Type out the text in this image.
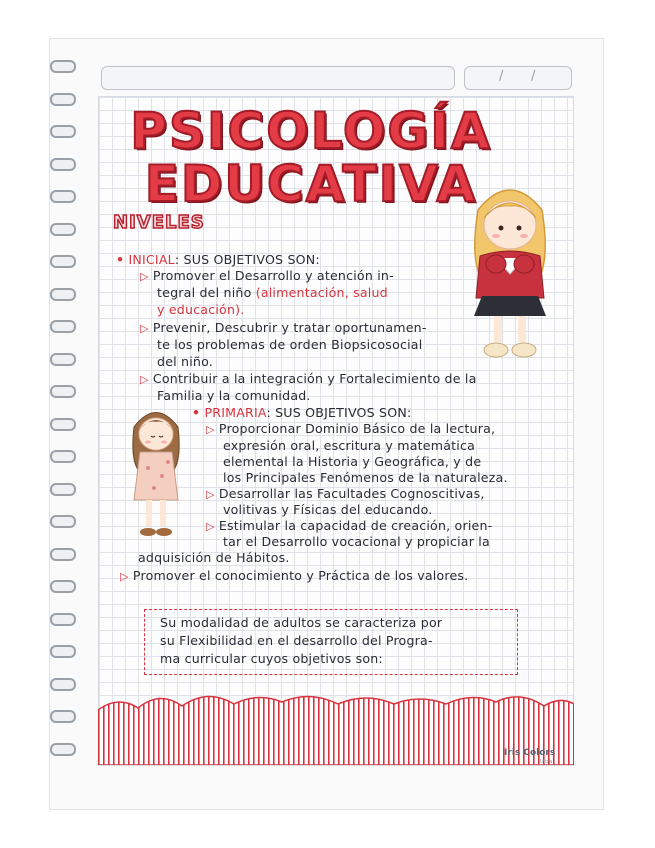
/ /
PSICOLOGÍA
EDUCATIVA
NIVELES
• INICIAL: SUS OBJETIVOS SON:
▷ Promover el Desarrollo y atención in-
tegral del niño (alimentación, salud
y educación).
▷ Prevenir, Descubrir y tratar oportunamen-
te los problemas de orden Biopsicosocial
del niño.
▷ Contribuir a la integración y Fortalecimiento de la
Familia y la comunidad.
• PRIMARIA: SUS OBJETIVOS SON:
▷ Proporcionar Dominio Básico de la lectura,
expresión oral, escritura y matemática
elemental la Historia y Geográfica, y de
los Principales Fenómenos de la naturaleza.
▷ Desarrollar las Facultades Cognoscitivas,
volitivas y Físicas del educando.
▷ Estimular la capacidad de creación, orien-
tar el Desarrollo vocacional y propiciar la
adquisición de Hábitos.
▷ Promover el conocimiento y Práctica de los valores.
Su modalidad de adultos se caracteriza por
su Flexibilidad en el desarrollo del Progra-
ma curricular cuyos objetivos son:
Iris Colors
Ultra
